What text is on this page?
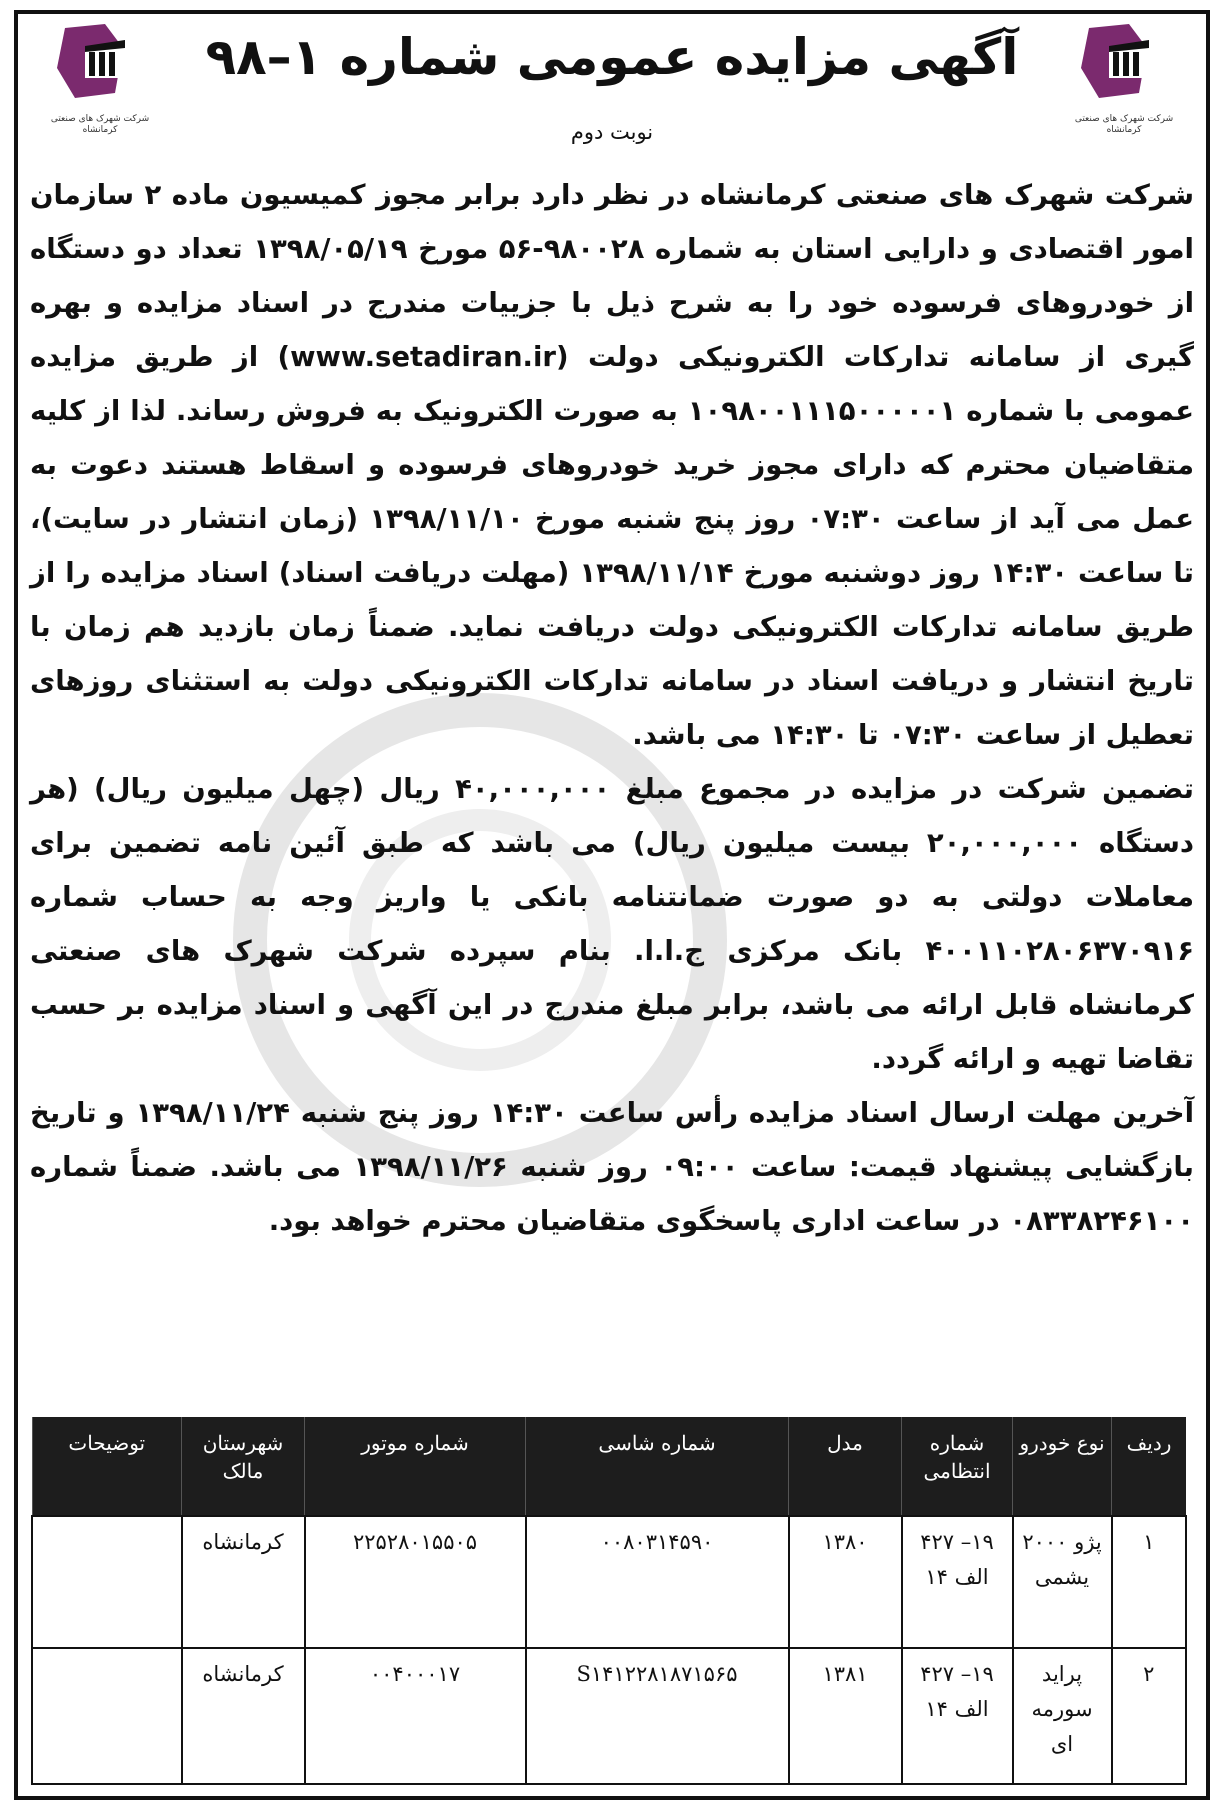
شرکت شهرک های صنعتی کرمانشاه
شرکت شهرک های صنعتی کرمانشاه
آگهی مزایده عمومی شماره ۱–۹۸
نوبت دوم

شرکت شهرک های صنعتی کرمانشاه در نظر دارد برابر مجوز کمیسیون ماده ۲ سازمان امور اقتصادی و دارایی استان به شماره ۹۸۰۰۲۸-۵۶ مورخ ۱۳۹۸/۰۵/۱۹ تعداد دو دستگاه از خودروهای فرسوده خود را به شرح ذیل با جزییات مندرج در اسناد مزایده و بهره گیری از سامانه تدارکات الکترونیکی دولت (www.setadiran.ir) از طریق مزایده عمومی با شماره ۱۰۹۸۰۰۱۱۱۵۰۰۰۰۰۱ به صورت الکترونیک به فروش رساند. لذا از کلیه متقاضیان محترم که دارای مجوز خرید خودروهای فرسوده و اسقاط هستند دعوت به عمل می آید از ساعت ۰۷:۳۰ روز پنج شنبه مورخ ۱۳۹۸/۱۱/۱۰ (زمان انتشار در سایت)، تا ساعت ۱۴:۳۰ روز دوشنبه مورخ ۱۳۹۸/۱۱/۱۴ (مهلت دریافت اسناد) اسناد مزایده را از طریق سامانه تدارکات الکترونیکی دولت دریافت نماید. ضمناً زمان بازدید هم زمان با تاریخ انتشار و دریافت اسناد در سامانه تدارکات الکترونیکی دولت به استثنای روزهای تعطیل از ساعت ۰۷:۳۰ تا ۱۴:۳۰ می باشد.

تضمین شرکت در مزایده در مجموع مبلغ ۴۰,۰۰۰,۰۰۰ ریال (چهل میلیون ریال) (هر دستگاه ۲۰,۰۰۰,۰۰۰ بیست میلیون ریال) می باشد که طبق آئین نامه تضمین برای معاملات دولتی به دو صورت ضمانتنامه بانکی یا واریز وجه به حساب شماره ۴۰۰۱۱۰۲۸۰۶۳۷۰۹۱۶ بانک مرکزی ج.ا.ا. بنام سپرده شرکت شهرک های صنعتی کرمانشاه قابل ارائه می باشد، برابر مبلغ مندرج در این آگهی و اسناد مزایده بر حسب تقاضا تهیه و ارائه گردد.

آخرین مهلت ارسال اسناد مزایده رأس ساعت ۱۴:۳۰ روز پنج شنبه ۱۳۹۸/۱۱/۲۴ و تاریخ بازگشایی پیشنهاد قیمت: ساعت ۰۹:۰۰ روز شنبه ۱۳۹۸/۱۱/۲۶ می باشد. ضمناً شماره ۰۸۳۳۸۲۴۶۱۰۰ در ساعت اداری پاسخگوی متقاضیان محترم خواهد بود.

ردیف	نوع خودرو	شماره انتظامی	مدل	شماره شاسی	شماره موتور	شهرستان مالک	توضیحات
۱	پژو ۲۰۰۰ یشمی	۱۹– ۴۲۷ الف ۱۴	۱۳۸۰	۰۰۸۰۳۱۴۵۹۰	۲۲۵۲۸۰۱۵۵۰۵	کرمانشاه	
۲	پراید سورمه ای	۱۹– ۴۲۷ الف ۱۴	۱۳۸۱	S۱۴۱۲۲۸۱۸۷۱۵۶۵	۰۰۴۰۰۰۱۷	کرمانشاه	
